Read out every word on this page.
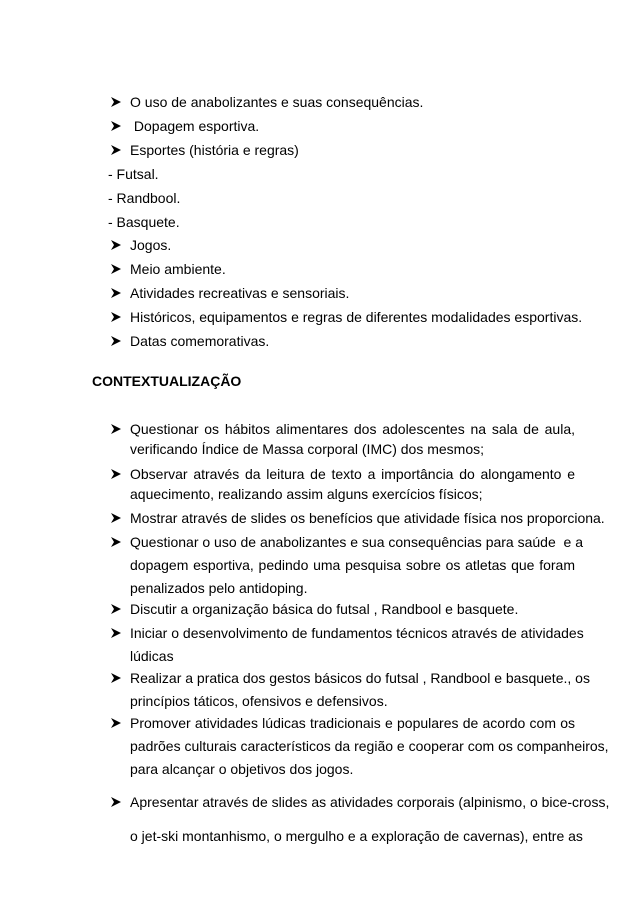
O uso de anabolizantes e suas consequências.
Dopagem esportiva.
Esportes (história e regras)
- Futsal.
- Randbool.
- Basquete.
Jogos.
Meio ambiente.
Atividades recreativas e sensoriais.
Históricos, equipamentos e regras de diferentes modalidades esportivas.
Datas comemorativas.
CONTEXTUALIZAÇÃO
Questionar os hábitos alimentares dos adolescentes na sala de aula,
verificando Índice de Massa corporal (IMC) dos mesmos;
Observar através da leitura de texto a importância do alongamento e
aquecimento, realizando assim alguns exercícios físicos;
Mostrar através de slides os benefícios que atividade física nos proporciona.
Questionar o uso de anabolizantes e sua consequências para saúde  e a
dopagem esportiva, pedindo uma pesquisa sobre os atletas que foram
penalizados pelo antidoping.
Discutir a organização básica do futsal , Randbool e basquete.
Iniciar o desenvolvimento de fundamentos técnicos através de atividades
lúdicas
Realizar a pratica dos gestos básicos do futsal , Randbool e basquete., os
princípios táticos, ofensivos e defensivos.
Promover atividades lúdicas tradicionais e populares de acordo com os
padrões culturais característicos da região e cooperar com os companheiros,
para alcançar o objetivos dos jogos.
Apresentar através de slides as atividades corporais (alpinismo, o bice-cross,
o jet-ski montanhismo, o mergulho e a exploração de cavernas), entre as
